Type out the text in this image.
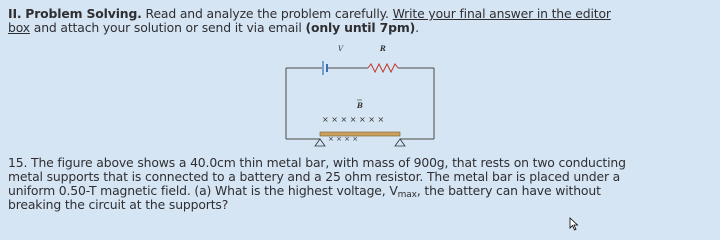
II. Problem Solving. Read and analyze the problem carefully. Write your final answer in the editor
box and attach your solution or send it via email (only until 7pm).
V	R
B
× × × × × × ×
× × × ×
15. The figure above shows a 40.0cm thin metal bar, with mass of 900g, that rests on two conducting
metal supports that is connected to a battery and a 25 ohm resistor. The metal bar is placed under a
uniform 0.50-T magnetic field. (a) What is the highest voltage, $V_{max}$, the battery can have without
breaking the circuit at the supports?
